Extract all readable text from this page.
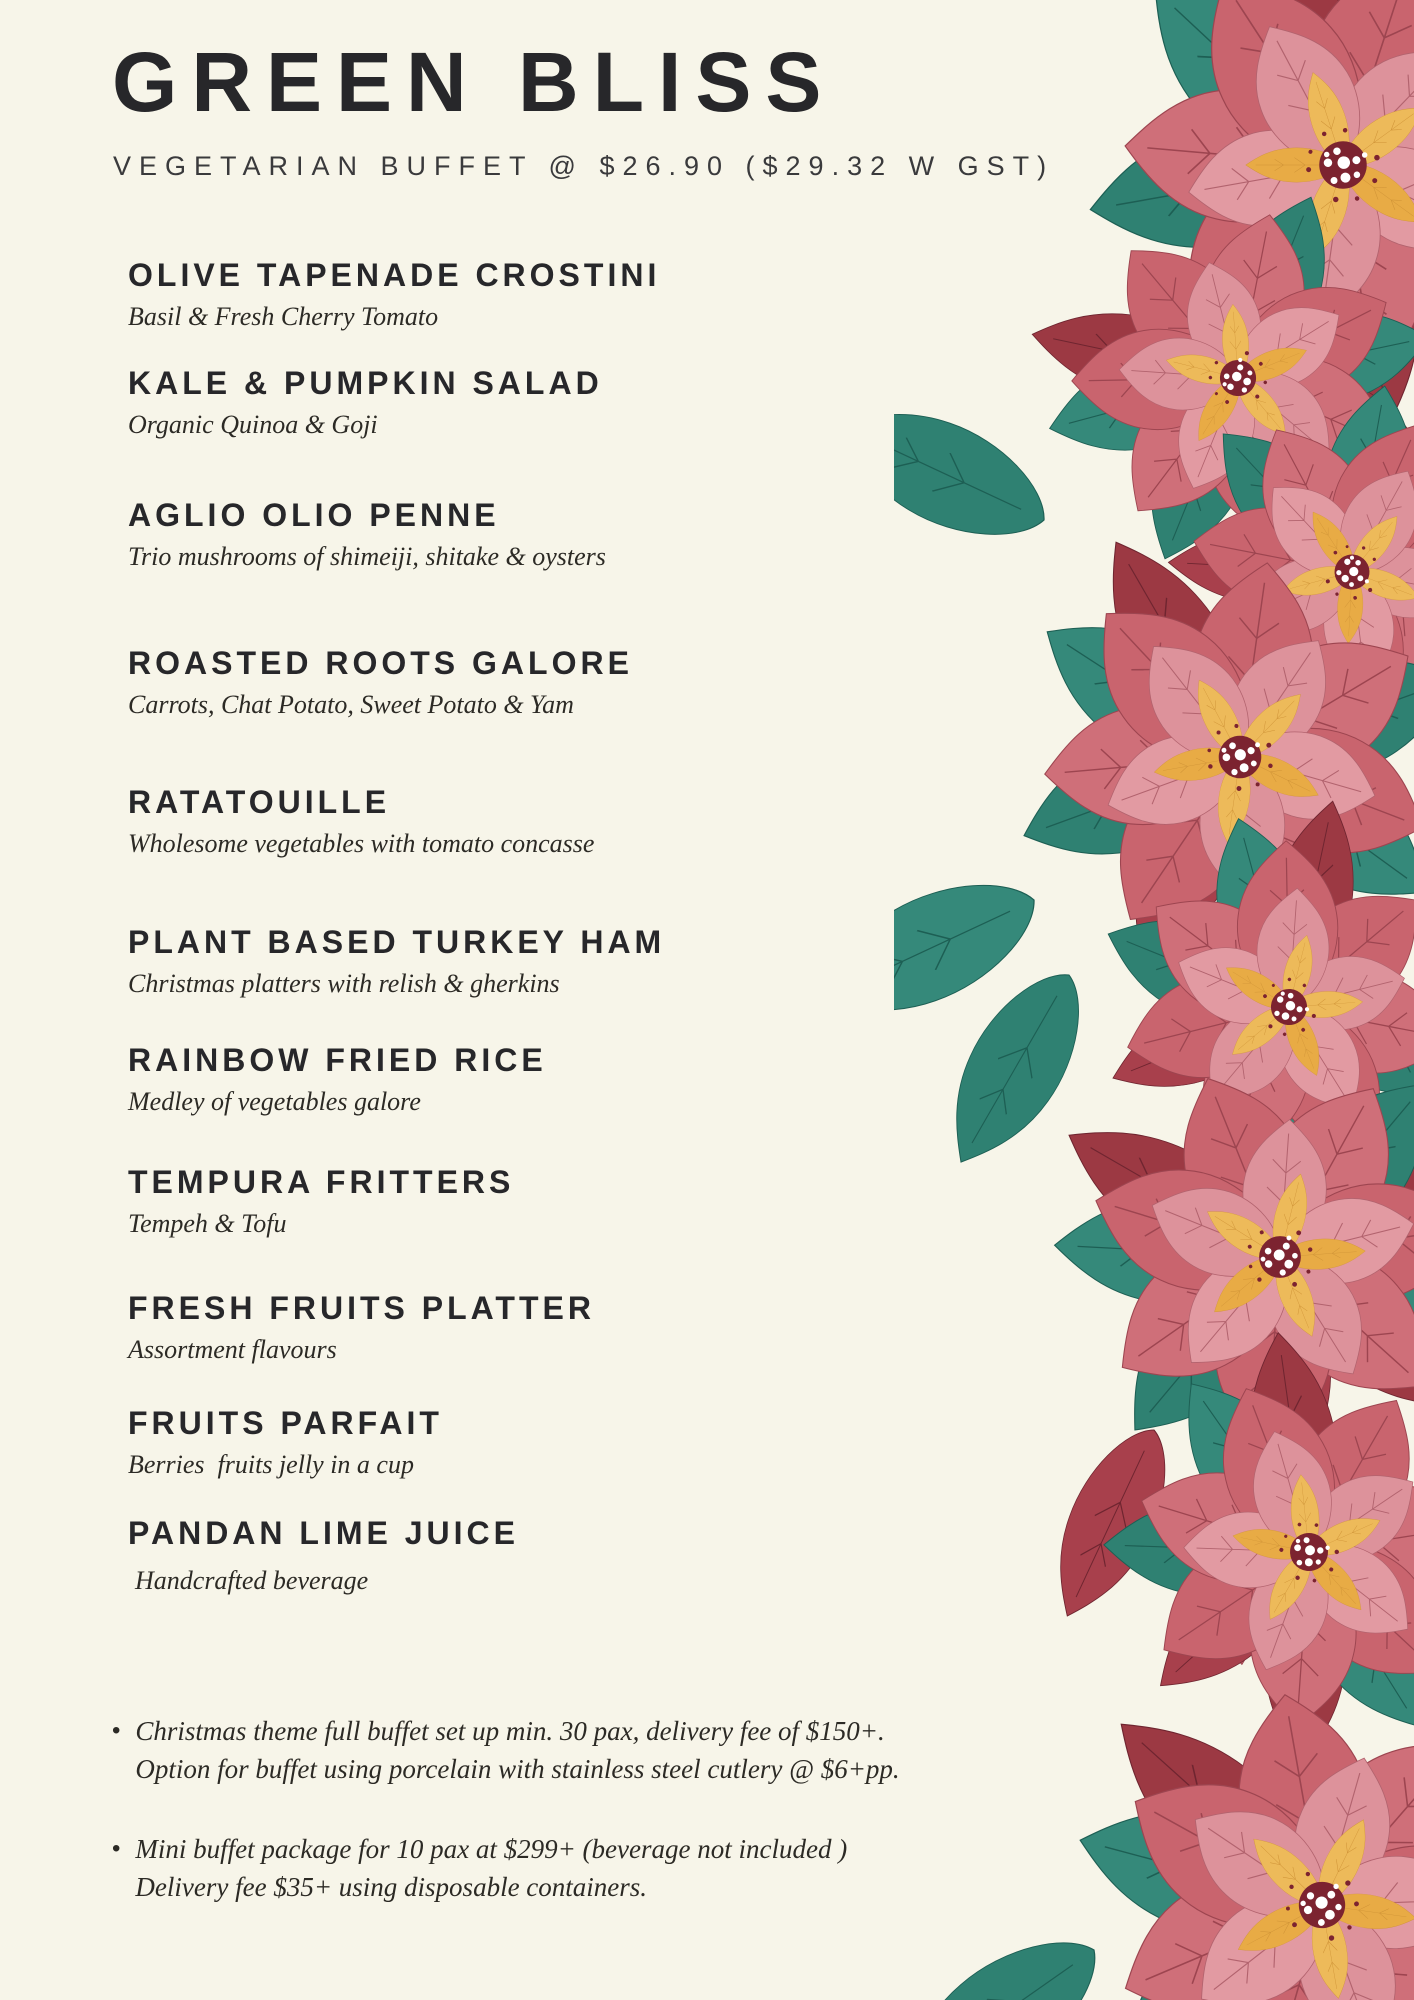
GREEN BLISS
VEGETARIAN BUFFET @ $26.90 ($29.32 W GST)
OLIVE TAPENADE CROSTINI
Basil & Fresh Cherry Tomato
KALE & PUMPKIN SALAD
Organic Quinoa & Goji
AGLIO OLIO PENNE
Trio mushrooms of shimeiji, shitake & oysters
ROASTED ROOTS GALORE
Carrots, Chat Potato, Sweet Potato & Yam
RATATOUILLE
Wholesome vegetables with tomato concasse
PLANT BASED TURKEY HAM
Christmas platters with relish & gherkins
RAINBOW FRIED RICE
Medley of vegetables galore
TEMPURA FRITTERS
Tempeh & Tofu
FRESH FRUITS PLATTER
Assortment flavours
FRUITS PARFAIT
Berries  fruits jelly in a cup
PANDAN LIME JUICE
Handcrafted beverage
• Christmas theme full buffet set up min. 30 pax, delivery fee of $150+.
Option for buffet using porcelain with stainless steel cutlery @ $6+pp.
• Mini buffet package for 10 pax at $299+ (beverage not included )
Delivery fee $35+ using disposable containers.
